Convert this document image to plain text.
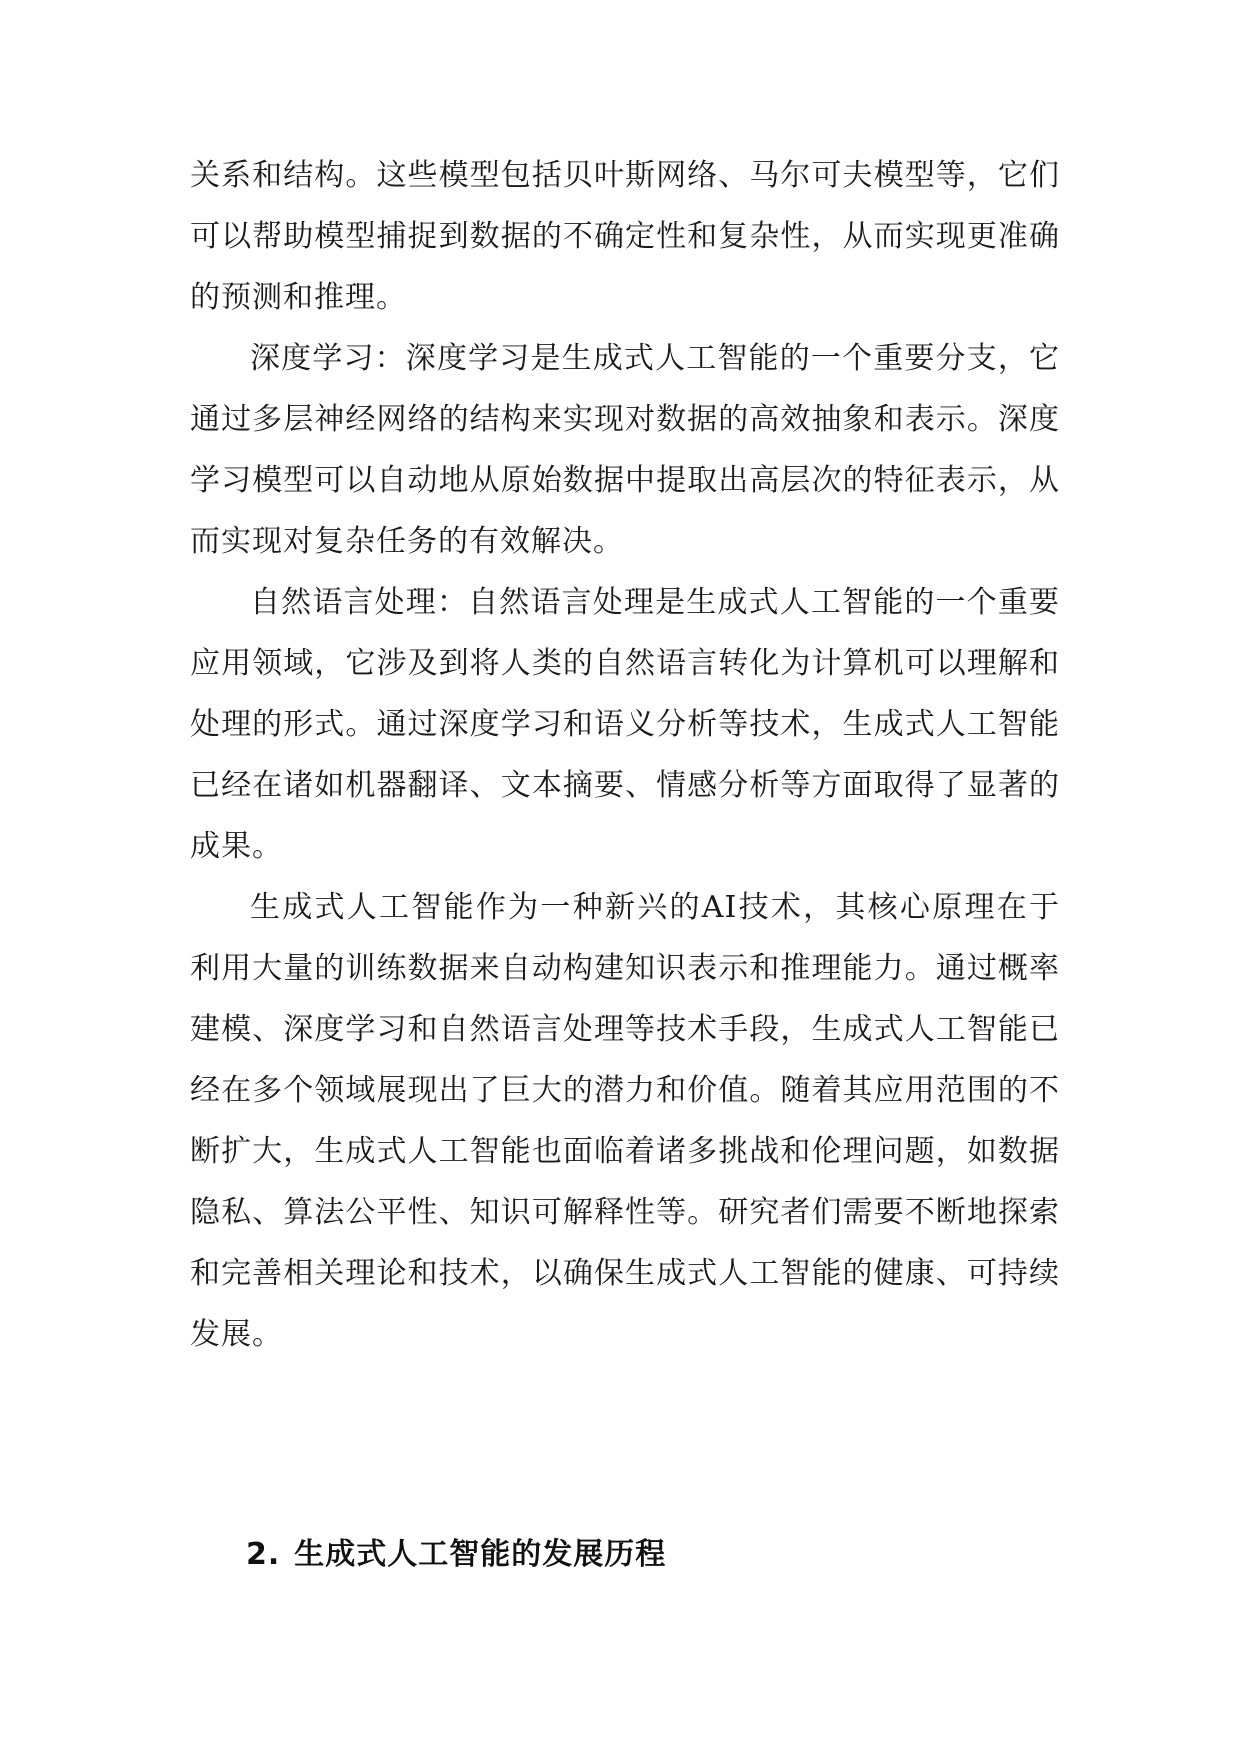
关系和结构。这些模型包括贝叶斯网络、马尔可夫模型等，它们可以帮助模型捕捉到数据的不确定性和复杂性，从而实现更准确的预测和推理。

深度学习：深度学习是生成式人工智能的一个重要分支，它通过多层神经网络的结构来实现对数据的高效抽象和表示。深度学习模型可以自动地从原始数据中提取出高层次的特征表示，从而实现对复杂任务的有效解决。

自然语言处理：自然语言处理是生成式人工智能的一个重要应用领域，它涉及到将人类的自然语言转化为计算机可以理解和处理的形式。通过深度学习和语义分析等技术，生成式人工智能已经在诸如机器翻译、文本摘要、情感分析等方面取得了显著的成果。

生成式人工智能作为一种新兴的AI技术，其核心原理在于利用大量的训练数据来自动构建知识表示和推理能力。通过概率建模、深度学习和自然语言处理等技术手段，生成式人工智能已经在多个领域展现出了巨大的潜力和价值。随着其应用范围的不断扩大，生成式人工智能也面临着诸多挑战和伦理问题，如数据隐私、算法公平性、知识可解释性等。研究者们需要不断地探索和完善相关理论和技术，以确保生成式人工智能的健康、可持续发展。

2. 生成式人工智能的发展历程
